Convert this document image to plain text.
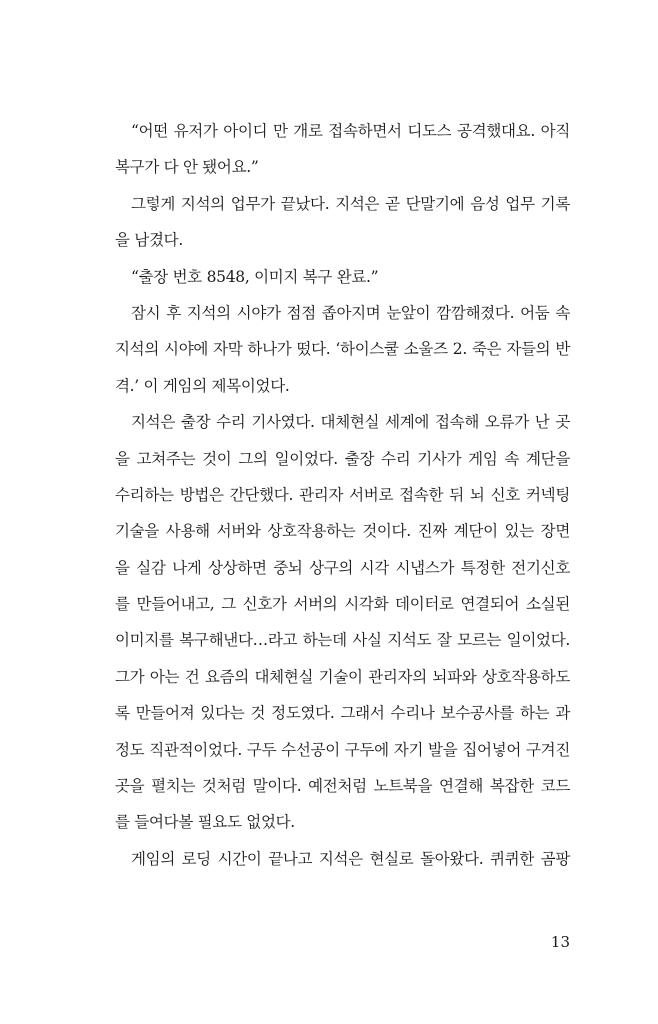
“어떤 유저가 아이디 만 개로 접속하면서 디도스 공격했대요. 아직
복구가 다 안 됐어요.”
그렇게 지석의 업무가 끝났다. 지석은 곧 단말기에 음성 업무 기록
을 남겼다.
“출장 번호 8548, 이미지 복구 완료.”
잠시 후 지석의 시야가 점점 좁아지며 눈앞이 깜깜해졌다. 어둠 속
지석의 시야에 자막 하나가 떴다. ‘하이스쿨 소울즈 2. 죽은 자들의 반
격.’ 이 게임의 제목이었다.
지석은 출장 수리 기사였다. 대체현실 세계에 접속해 오류가 난 곳
을 고쳐주는 것이 그의 일이었다. 출장 수리 기사가 게임 속 계단을
수리하는 방법은 간단했다. 관리자 서버로 접속한 뒤 뇌 신호 커넥팅
기술을 사용해 서버와 상호작용하는 것이다. 진짜 계단이 있는 장면
을 실감 나게 상상하면 중뇌 상구의 시각 시냅스가 특정한 전기신호
를 만들어내고, 그 신호가 서버의 시각화 데이터로 연결되어 소실된
이미지를 복구해낸다…라고 하는데 사실 지석도 잘 모르는 일이었다.
그가 아는 건 요즘의 대체현실 기술이 관리자의 뇌파와 상호작용하도
록 만들어져 있다는 것 정도였다. 그래서 수리나 보수공사를 하는 과
정도 직관적이었다. 구두 수선공이 구두에 자기 발을 집어넣어 구겨진
곳을 펼치는 것처럼 말이다. 예전처럼 노트북을 연결해 복잡한 코드
를 들여다볼 필요도 없었다.
게임의 로딩 시간이 끝나고 지석은 현실로 돌아왔다. 퀴퀴한 곰팡
13
